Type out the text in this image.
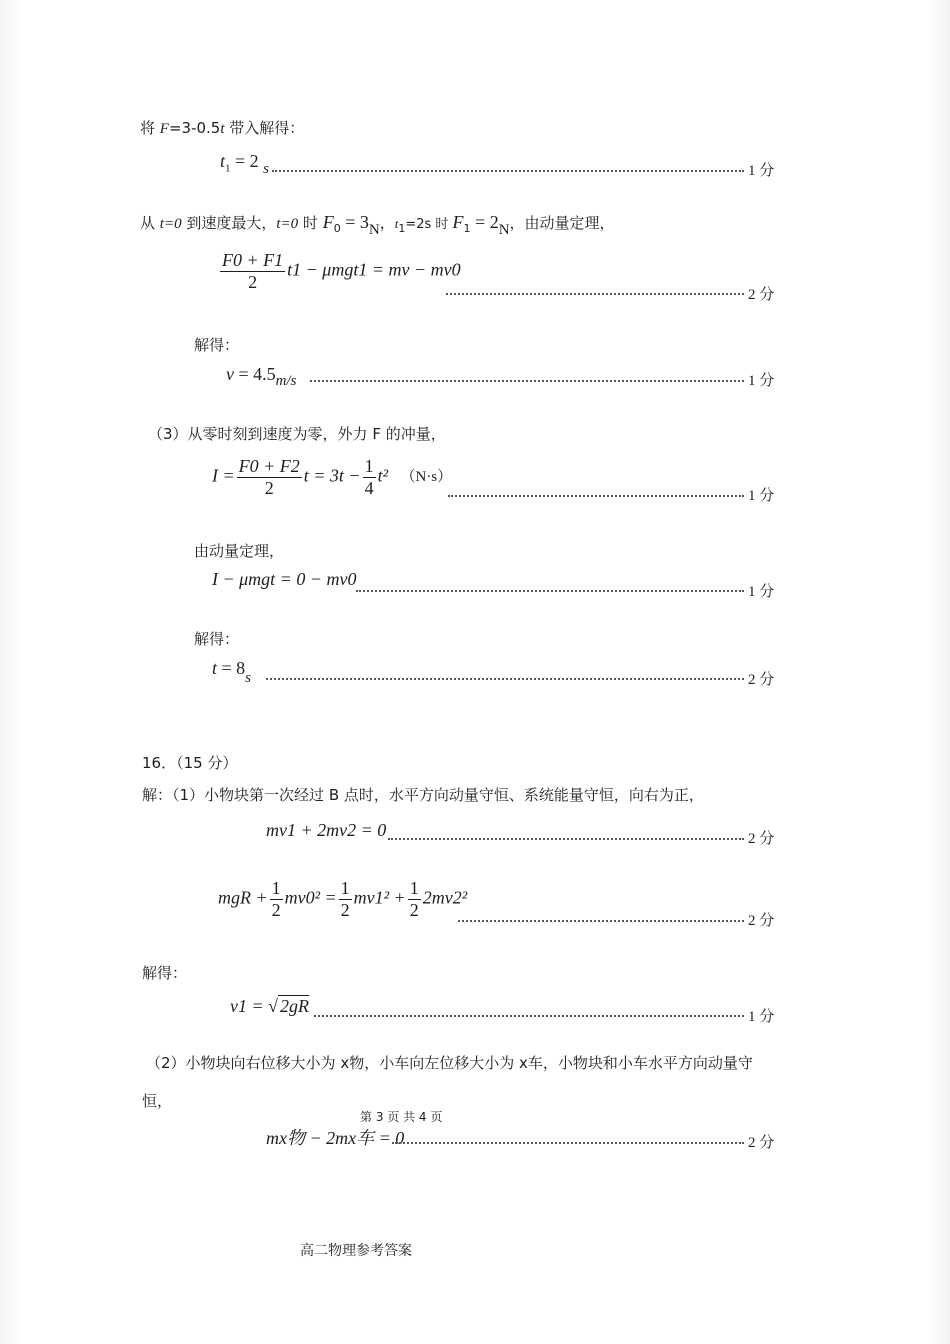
将 F=3-0.5t 带入解得：
$t_1 = 2$ $_s$	1 分
从 t=0 到速度最大，t=0 时 $F_0 = 3N$，$t_1=2s$ 时 $F_1 = 2N$，由动量定理，
$\frac{F0 + F1}{2} t1 - \mu mgt1$ = mv − mv0
2 分
解得：
$v = 4.5_{m/s}$	1 分
（3）从零时刻到速度为零，外力 F 的冲量，
$I = \frac{F0 + F2}{2}$ $t = 3t - \frac{1}{4} t^2$ （N·s）
1 分
由动量定理，
I − μmgt = 0 − mv0
1 分
解得：
$t = 8_s$	2 分
16．（15 分）
解：（1）小物块第一次经过 B 点时，水平方向动量守恒、系统能量守恒，向右为正，
mv1 + 2mv2 = 0	2 分
mgR + $\frac{1}{2} mv0^2 = \frac{1}{2} mv1^2 + \frac{1}{2} 2mv2^2$
2 分
解得：
v1 = √ 2gR
1 分
（2）小物块向右位移大小为 x物，小车向左位移大小为 x车，小物块和小车水平方向动量守
恒，
第 3 页 共 4 页
mx物 − 2mx车 = 0	2 分
高二物理参考答案
